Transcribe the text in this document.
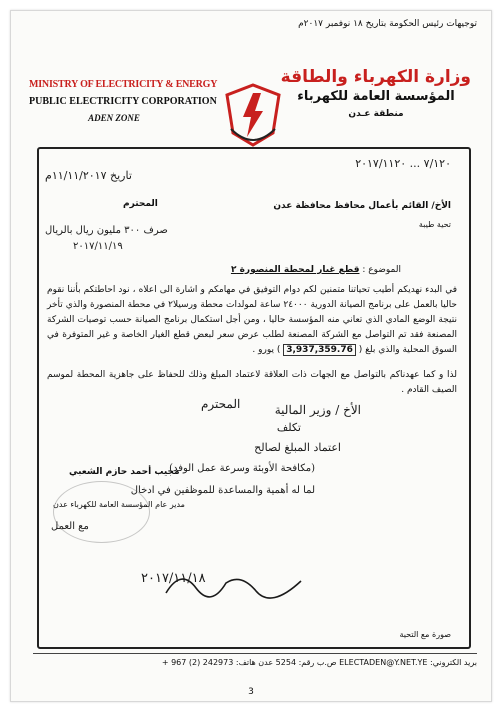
توجيهات رئيس الحكومة بتاريخ ١٨ نوفمبر ٢٠١٧م
MINISTRY OF ELECTRICITY & ENERGY
PUBLIC ELECTRICITY CORPORATION
ADEN ZONE
وزارة الكهرباء والطاقة
المؤسسة العامة للكهرباء
منطقة عـدن
٧/١٢٠ ... ٢٠١٧/١١٢٠
تاريخ ١١/١١/٢٠١٧م
الأخ/ القائم بأعمال محافظ محافظة عدن
المحترم
تحية طيبة
صرف ٣٠٠ مليون ريال بالريال
٢٠١٧/١١/١٩
الموضوع : قطع غيار لمحطة المنصورة ٢

في البدء نهديكم أطيب تحياتنا متمنين لكم دوام التوفيق في مهامكم و اشارة الى اعلاه ، نود احاطتكم بأننا نقوم حاليا بالعمل على برنامج الصيانة الدورية ٢٤٠٠٠ ساعة لمولدات محطة ورسيلا٢ في محطة المنصورة والذي تأخر نتيجة الوضع المادي الذي تعاني منه المؤسسة حاليا ، ومن أجل استكمال برنامج الصيانة حسب توصيات الشركة المصنعة فقد تم التواصل مع الشركة المصنعة لطلب عرض سعر لبعض قطع الغيار الخاصة و غير المتوفرة في السوق المحلية والذي بلغ ( 3,937,359.76 ) يورو .

لذا و كما عهدناكم بالتواصل مع الجهات ذات العلاقة لاعتماد المبلغ وذلك للحفاظ على جاهزية المحطة لموسم الصيف القادم .

الأخ / وزير المالية
المحترم
تكلف
اعتماد المبلغ لصالح
(مكافحة الأوبئة وسرعة عمل الوفد)
لما له أهمية والمساعدة للموظفين في ادخال
مع العمل
مجيب أحمد حازم الشعبي
مدير عام المؤسسة العامة للكهرباء عدن
٢٠١٧/١١/١٨
صورة مع التحية
بريد الكتروني: ELECTADEN@Y.NET.YE ص.ب رقم: 5254 عدن هاتف: 242973 (2) 967 +
3
